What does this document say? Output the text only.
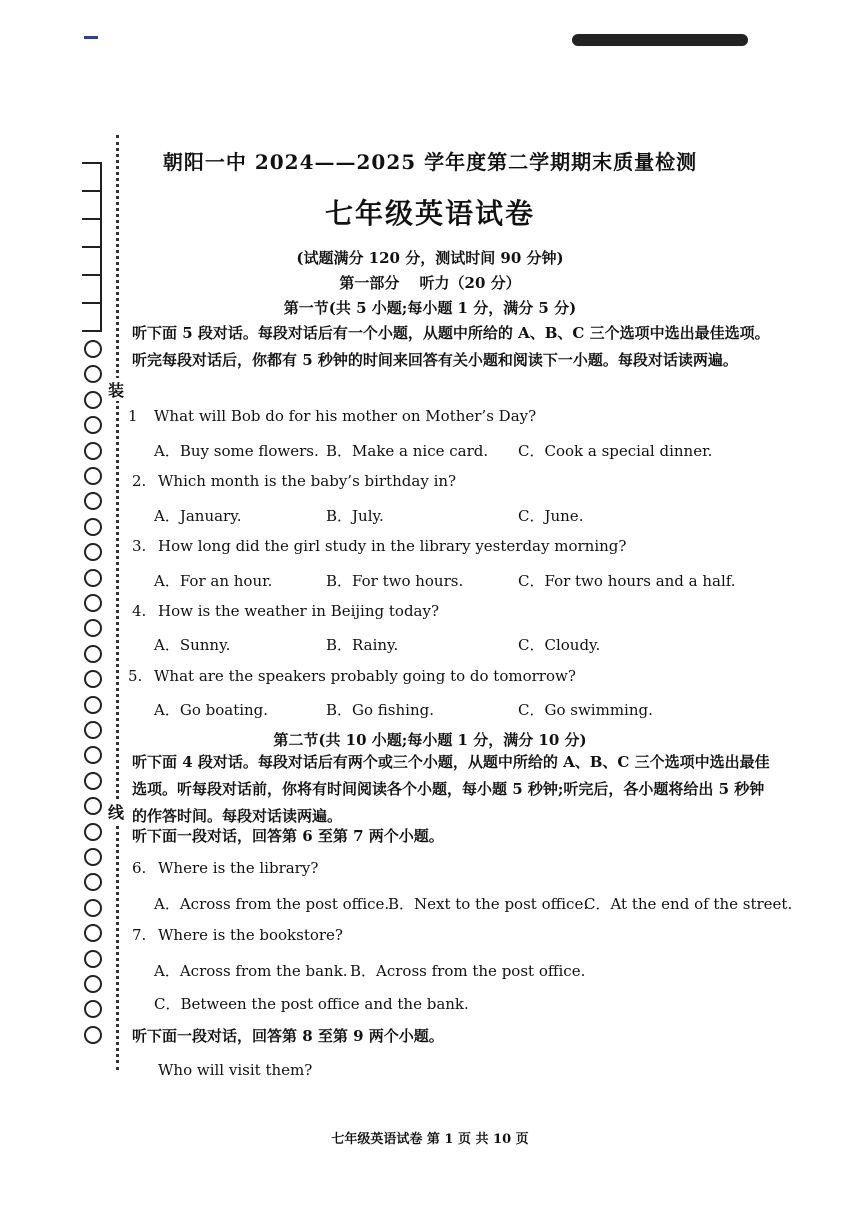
装
线
朝阳一中 2024——2025 学年度第二学期期末质量检测
七年级英语试卷
(试题满分 120 分，测试时间 90 分钟)
第一部分　 听力（20 分）
第一节(共 5 小题;每小题 1 分，满分 5 分)
听下面 5 段对话。每段对话后有一个小题，从题中所给的 A、B、C 三个选项中选出最佳选项。听完每段对话后，你都有 5 秒钟的时间来回答有关小题和阅读下一小题。每段对话读两遍。
1 What will Bob do for his mother on Mother’s Day?
A．Buy some flowers. B．Make a nice card. C．Cook a special dinner.
2. Which month is the baby’s birthday in?
A．January.	B．July.	C．June.
3. How long did the girl study in the library yesterday morning?
A．For an hour.	B．For two hours.	C．For two hours and a half.
4. How is the weather in Beijing today?
A．Sunny.	B．Rainy.	C．Cloudy.
5. What are the speakers probably going to do tomorrow?
A．Go boating.	B．Go fishing.	C．Go swimming.
第二节(共 10 小题;每小题 1 分，满分 10 分)
听下面 4 段对话。每段对话后有两个或三个小题，从题中所给的 A、B、C 三个选项中选出最佳选项。听每段对话前，你将有时间阅读各个小题，每小题 5 秒钟;听完后，各小题将给出 5 秒钟的作答时间。每段对话读两遍。
听下面一段对话，回答第 6 至第 7 两个小题。
6. Where is the library?
A．Across from the post office.
B．Next to the post office.
C．At the end of the street.
7. Where is the bookstore?
A．Across from the bank. B．Across from the post office.
C．Between the post office and the bank.
听下面一段对话，回答第 8 至第 9 两个小题。
Who will visit them?
七年级英语试卷 第 1 页 共 10 页
